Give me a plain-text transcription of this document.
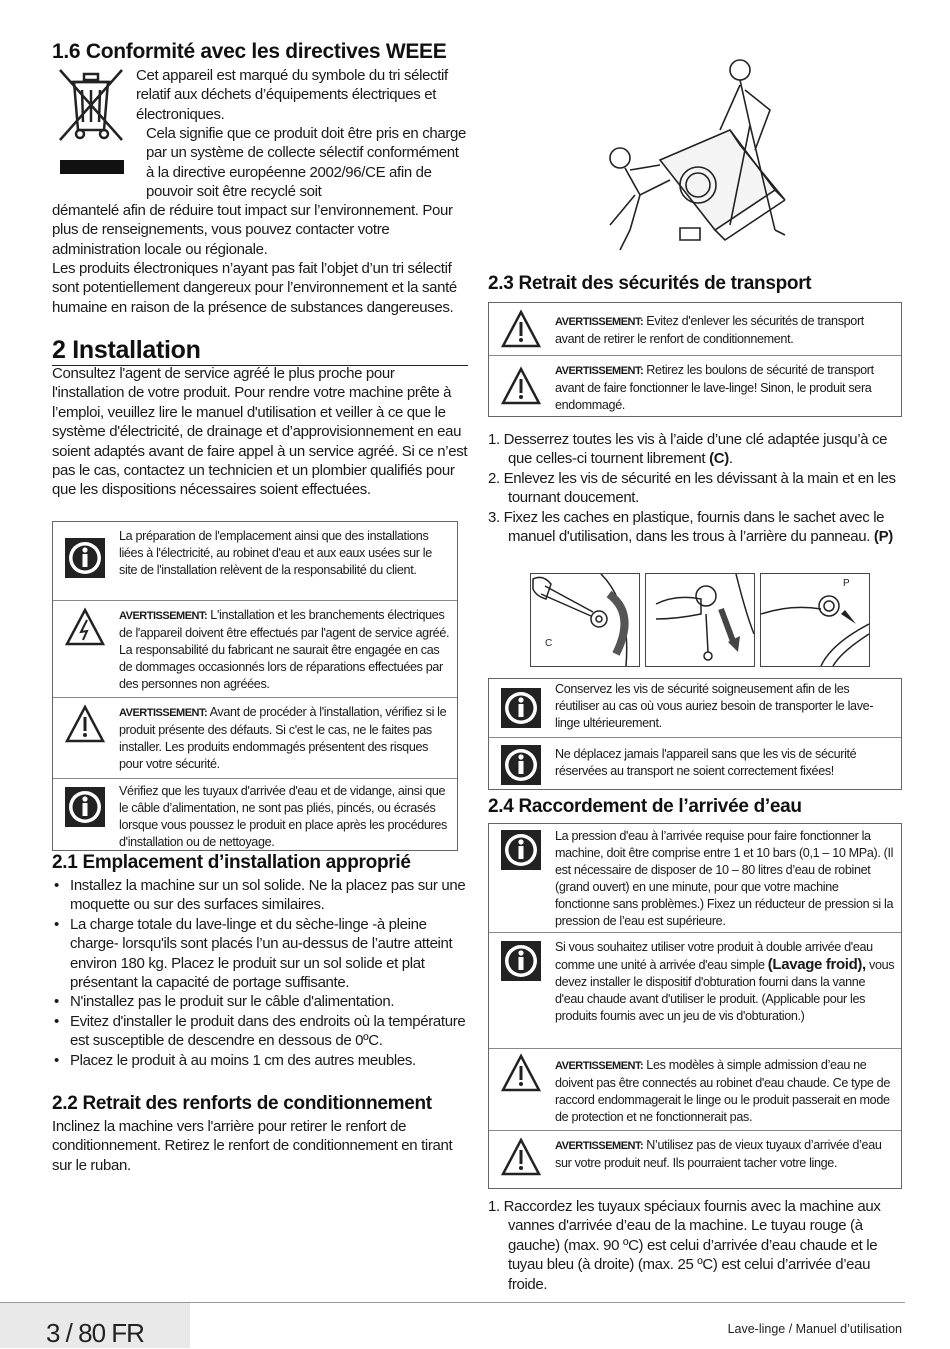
1.6 Conformité avec les directives WEEE
Cet appareil est marqué du symbole du tri sélectif relatif aux déchets d’équipements électriques et électroniques.
Cela signifie que ce produit doit être pris en charge par un système de collecte sélectif conformément à la directive européenne 2002/96/CE afin de pouvoir soit être recyclé soit
démantelé afin de réduire tout impact sur l’environnement. Pour plus de renseignements, vous pouvez contacter votre administration locale ou régionale.
Les produits électroniques n’ayant pas fait l’objet d’un tri sélectif sont potentiellement dangereux pour l’environnement et la santé humaine en raison de la présence de substances dangereuses.
2 Installation
Consultez l'agent de service agréé le plus proche pour l'installation de votre produit. Pour rendre votre machine prête à l’emploi, veuillez lire le manuel d'utilisation et veiller à ce que le système d'électricité, de drainage et d’approvisionnement en eau soient adaptés avant de faire appel à un service agréé. Si ce n’est pas le cas, contactez un technicien et un plombier qualifiés pour que les dispositions nécessaires soient effectuées.
La préparation de l'emplacement ainsi que des installations liées à l'électricité, au robinet d'eau et aux eaux usées sur le site de l'installation relèvent de la responsabilité du client.
AVERTISSEMENT: L'installation et les branchements électriques de l'appareil doivent être effectués par l'agent de service agréé. La responsabilité du fabricant ne saurait être engagée en cas de dommages occasionnés lors de réparations effectuées par des personnes non agréées.
AVERTISSEMENT: Avant de procéder à l'installation, vérifiez si le produit présente des défauts. Si c'est le cas, ne le faites pas installer. Les produits endommagés présentent des risques pour votre sécurité.
Vérifiez que les tuyaux d'arrivée d'eau et de vidange, ainsi que le câble d’alimentation, ne sont pas pliés, pincés, ou écrasés lorsque vous poussez le produit en place après les procédures d'installation ou de nettoyage.
2.1 Emplacement d’installation approprié
• Installez la machine sur un sol solide. Ne la placez pas sur une moquette ou sur des surfaces similaires.
• La charge totale du lave-linge et du sèche-linge -à pleine charge- lorsqu'ils sont placés l’un au-dessus de l’autre atteint environ 180 kg. Placez le produit sur un sol solide et plat présentant la capacité de portage suffisante.
• N'installez pas le produit sur le câble d'alimentation.
• Evitez d'installer le produit dans des endroits où la température est susceptible de descendre en dessous de 0ºC.
• Placez le produit à au moins 1 cm des autres meubles.
2.2 Retrait des renforts de conditionnement
Inclinez la machine vers l'arrière pour retirer le renfort de conditionnement. Retirez le renfort de conditionnement en tirant sur le ruban.
2.3 Retrait des sécurités de transport
AVERTISSEMENT: Evitez d'enlever les sécurités de transport avant de retirer le renfort de conditionnement.
AVERTISSEMENT: Retirez les boulons de sécurité de transport avant de faire fonctionner le lave-linge! Sinon, le produit sera endommagé.
1. Desserrez toutes les vis à l’aide d’une clé adaptée jusqu’à ce que celles-ci tournent librement (C).
2. Enlevez les vis de sécurité en les dévissant à la main et en les tournant doucement.
3. Fixez les caches en plastique, fournis dans le sachet avec le manuel d'utilisation, dans les trous à l’arrière du panneau. (P)
C
P
Conservez les vis de sécurité soigneusement afin de les réutiliser au cas où vous auriez besoin de transporter le lave-linge ultérieurement.
Ne déplacez jamais l'appareil sans que les vis de sécurité réservées au transport ne soient correctement fixées!
2.4 Raccordement de l’arrivée d’eau
La pression d'eau à l’arrivée requise pour faire fonctionner la machine, doit être comprise entre 1 et 10 bars (0,1 – 10 MPa). (Il est nécessaire de disposer de 10 – 80 litres d’eau de robinet (grand ouvert) en une minute, pour que votre machine fonctionne sans problèmes.) Fixez un réducteur de pression si la pression de l’eau est supérieure.
Si vous souhaitez utiliser votre produit à double arrivée d'eau comme une unité à arrivée d'eau simple (Lavage froid), vous devez installer le dispositif d'obturation fourni dans la vanne d'eau chaude avant d'utiliser le produit. (Applicable pour les produits fournis avec un jeu de vis d'obturation.)
AVERTISSEMENT: Les modèles à simple admission d’eau ne doivent pas être connectés au robinet d'eau chaude. Ce type de raccord endommagerait le linge ou le produit passerait en mode de protection et ne fonctionnerait pas.
AVERTISSEMENT: N’utilisez pas de vieux tuyaux d’arrivée d’eau sur votre produit neuf. Ils pourraient tacher votre linge.
1. Raccordez les tuyaux spéciaux fournis avec la machine aux vannes d'arrivée d’eau de la machine. Le tuyau rouge (à gauche) (max. 90 ºC) est celui d’arrivée d’eau chaude et le tuyau bleu (à droite) (max. 25 ºC) est celui d’arrivée d’eau froide.
3 / 80 FR	Lave-linge / Manuel d’utilisation
